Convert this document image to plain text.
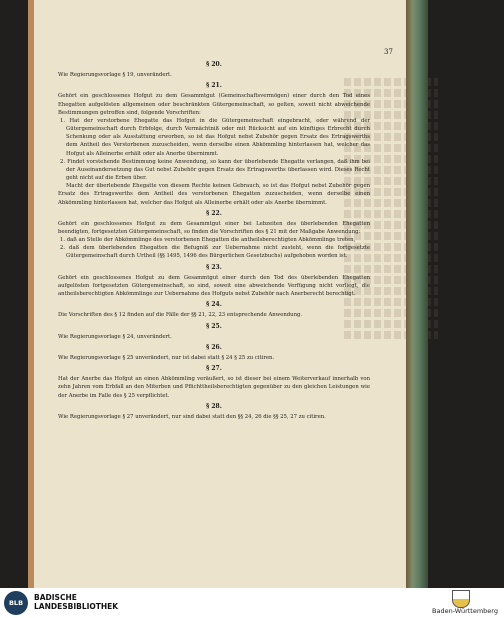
37

§ 20.

Wie Regierungsvorlage § 19, unverändert.

§ 21.

Gehört ein geschlossenes Hofgut zu dem Gesammtgut (Gemeinschaftsvermögen) einer durch den Tod eines Ehegatten aufgelösten allgemeinen oder beschränkten Gütergemeinschaft, so gelten, soweit nicht abweichende Bestimmungen getroffen sind, folgende Vorschriften:

1. Hat der verstorbene Ehegatte das Hofgut in die Gütergemeinschaft eingebracht, oder während der Gütergemeinschaft durch Erbfolge, durch Vermächtniß oder mit Rücksicht auf ein künftiges Erbrecht durch Schenkung oder als Ausstattung erworben, so ist das Hofgut nebst Zubehör gegen Ersatz des Ertragswerths dem Antheil des Verstorbenen zuzuscheiden, wenn derselbe einen Abkömmling hinterlassen hat, welcher das Hofgut als Alleinerbe erhält oder als Anerbe übernimmt.

2. Findet vorstehende Bestimmung keine Anwendung, so kann der überlebende Ehegatte verlangen, daß ihm bei der Auseinandersetzung das Gut nebst Zubehör gegen Ersatz des Ertragswerths überlassen wird. Dieses Recht geht nicht auf die Erben über.

Macht der überlebende Ehegatte von diesem Rechte keinen Gebrauch, so ist das Hofgut nebst Zubehör gegen Ersatz des Ertragswerths dem Antheil des verstorbenen Ehegatten zuzuscheiden, wenn derselbe einen Abkömmling hinterlassen hat, welcher das Hofgut als Alleinerbe erhält oder als Anerbe übernimmt.

§ 22.

Gehört ein geschlossenes Hofgut zu dem Gesammtgut einer bei Lebzeiten des überlebenden Ehegatten beendigten, fortgesetzten Gütergemeinschaft, so finden die Vorschriften des § 21 mit der Maßgabe Anwendung:

1. daß an Stelle der Abkömmlinge des verstorbenen Ehegatten die antheilsberechtigten Abkömmlinge treten,

2. daß dem überlebenden Ehegatten die Befugniß zur Uebernahme nicht zusteht, wenn die fortgesetzte Gütergemeinschaft durch Urtheil (§§ 1495, 1496 des Bürgerlichen Gesetzbuchs) aufgehoben worden ist.

§ 23.

Gehört ein geschlossenes Hofgut zu dem Gesammtgut einer durch den Tod des überlebenden Ehegatten aufgelösten fortgesetzten Gütergemeinschaft, so sind, soweit eine abweichende Verfügung nicht vorliegt, die antheilsberechtigten Abkömmlinge zur Uebernahme des Hofguts nebst Zubehör nach Anerberecht berechtigt.

§ 24.

Die Vorschriften des § 12 finden auf die Fälle der §§ 21, 22, 23 entsprechende Anwendung.

§ 25.

Wie Regierungsvorlage § 24, unverändert.

§ 26.

Wie Regierungsvorlage § 25 unverändert, nur ist dabei statt § 24 § 25 zu citiren.

§ 27.

Hat der Anerbe das Hofgut an einen Abkömmling veräußert, so ist dieser bei einem Weiterverkauf innerhalb von zehn Jahren vom Erbfall an den Miterben und Pflichttheilsberechtigten gegenüber zu den gleichen Leistungen wie der Anerbe im Falle des § 25 verpflichtet.

§ 28.

Wie Regierungsvorlage § 27 unverändert, nur sind dabei statt den §§ 24, 26 die §§ 25, 27 zu citiren.

BLB
BADISCHE
LANDESBIBLIOTHEK	Baden-Württemberg
